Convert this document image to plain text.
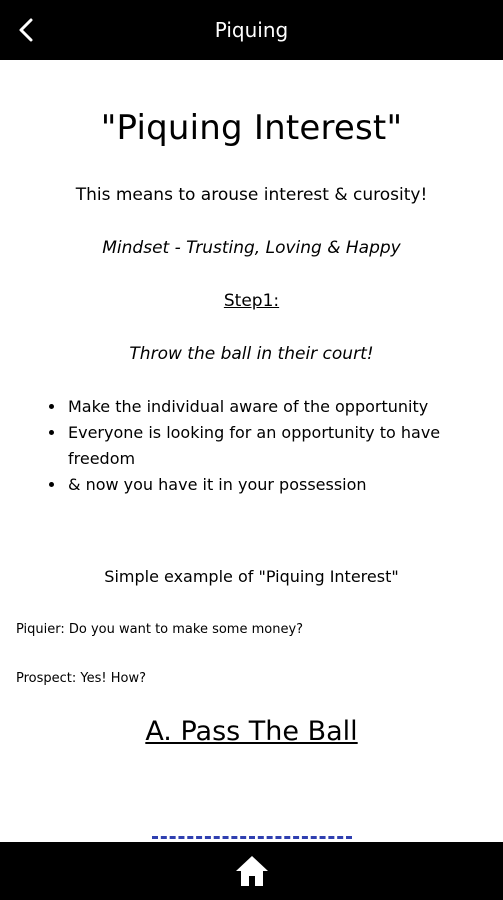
Piquing
"Piquing Interest"
This means to arouse interest & curosity!
Mindset - Trusting, Loving & Happy
Step1:
Throw the ball in their court!
• Make the individual aware of the opportunity
• Everyone is looking for an opportunity to have freedom
• & now you have it in your possession
Simple example of "Piquing Interest"
Piquier: Do you want to make some money?
Prospect: Yes! How?
A. Pass The Ball
